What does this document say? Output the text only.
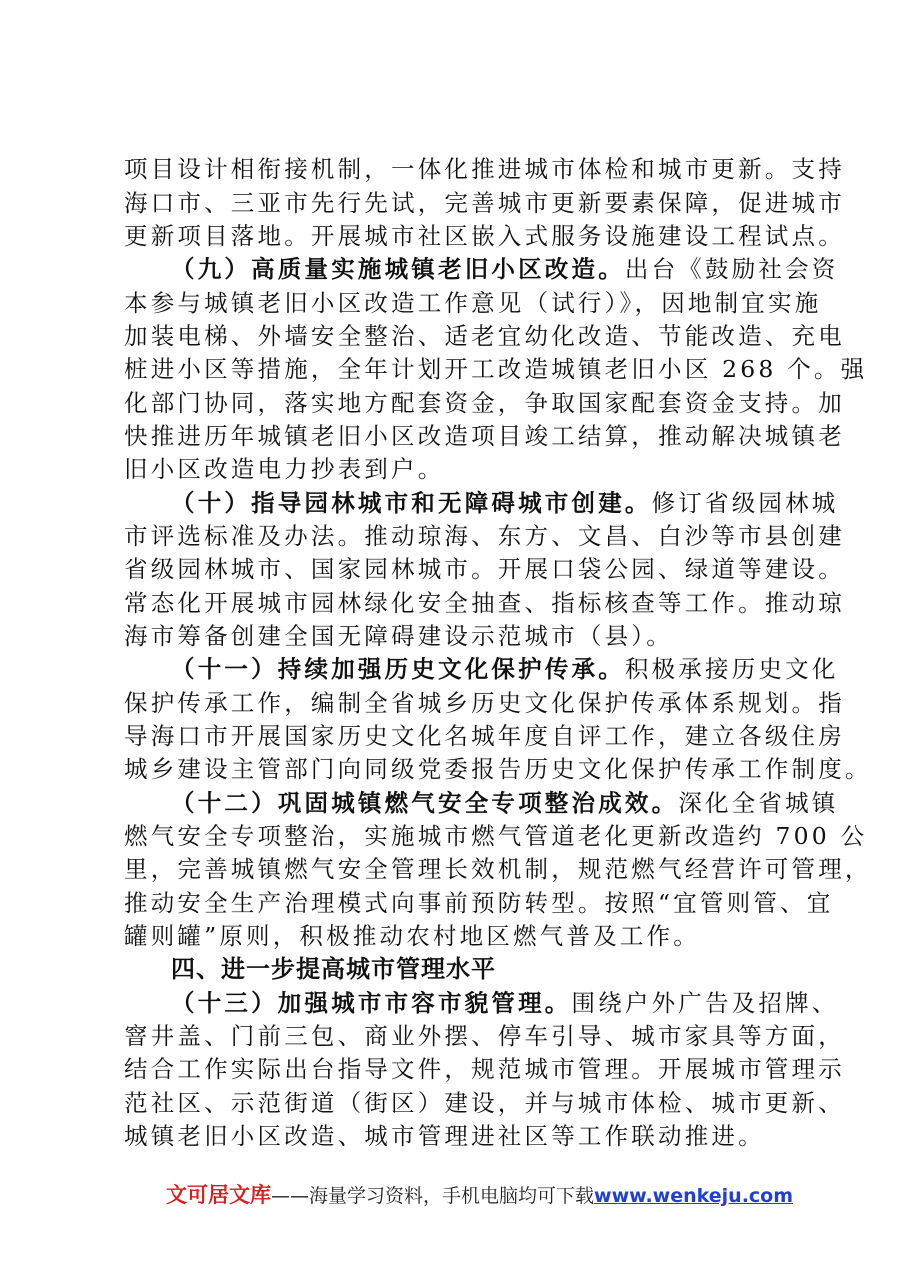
项目设计相衔接机制，一体化推进城市体检和城市更新。支持
海口市、三亚市先行先试，完善城市更新要素保障，促进城市
更新项目落地。开展城市社区嵌入式服务设施建设工程试点。
（九）高质量实施城镇老旧小区改造。出台《鼓励社会资
本参与城镇老旧小区改造工作意见（试行）》，因地制宜实施
加装电梯、外墙安全整治、适老宜幼化改造、节能改造、充电
桩进小区等措施，全年计划开工改造城镇老旧小区 268 个。强
化部门协同，落实地方配套资金，争取国家配套资金支持。加
快推进历年城镇老旧小区改造项目竣工结算，推动解决城镇老
旧小区改造电力抄表到户。
（十）指导园林城市和无障碍城市创建。修订省级园林城
市评选标准及办法。推动琼海、东方、文昌、白沙等市县创建
省级园林城市、国家园林城市。开展口袋公园、绿道等建设。
常态化开展城市园林绿化安全抽查、指标核查等工作。推动琼
海市筹备创建全国无障碍建设示范城市（县）。
（十一）持续加强历史文化保护传承。积极承接历史文化
保护传承工作，编制全省城乡历史文化保护传承体系规划。指
导海口市开展国家历史文化名城年度自评工作，建立各级住房
城乡建设主管部门向同级党委报告历史文化保护传承工作制度。
（十二）巩固城镇燃气安全专项整治成效。深化全省城镇
燃气安全专项整治，实施城市燃气管道老化更新改造约 700 公
里，完善城镇燃气安全管理长效机制，规范燃气经营许可管理，
推动安全生产治理模式向事前预防转型。按照“宜管则管、宜
罐则罐”原则，积极推动农村地区燃气普及工作。
四、进一步提高城市管理水平
（十三）加强城市市容市貌管理。围绕户外广告及招牌、
窨井盖、门前三包、商业外摆、停车引导、城市家具等方面，
结合工作实际出台指导文件，规范城市管理。开展城市管理示
范社区、示范街道（街区）建设，并与城市体检、城市更新、
城镇老旧小区改造、城市管理进社区等工作联动推进。
文可居文库——海量学习资料，手机电脑均可下载www.wenkeju.com
